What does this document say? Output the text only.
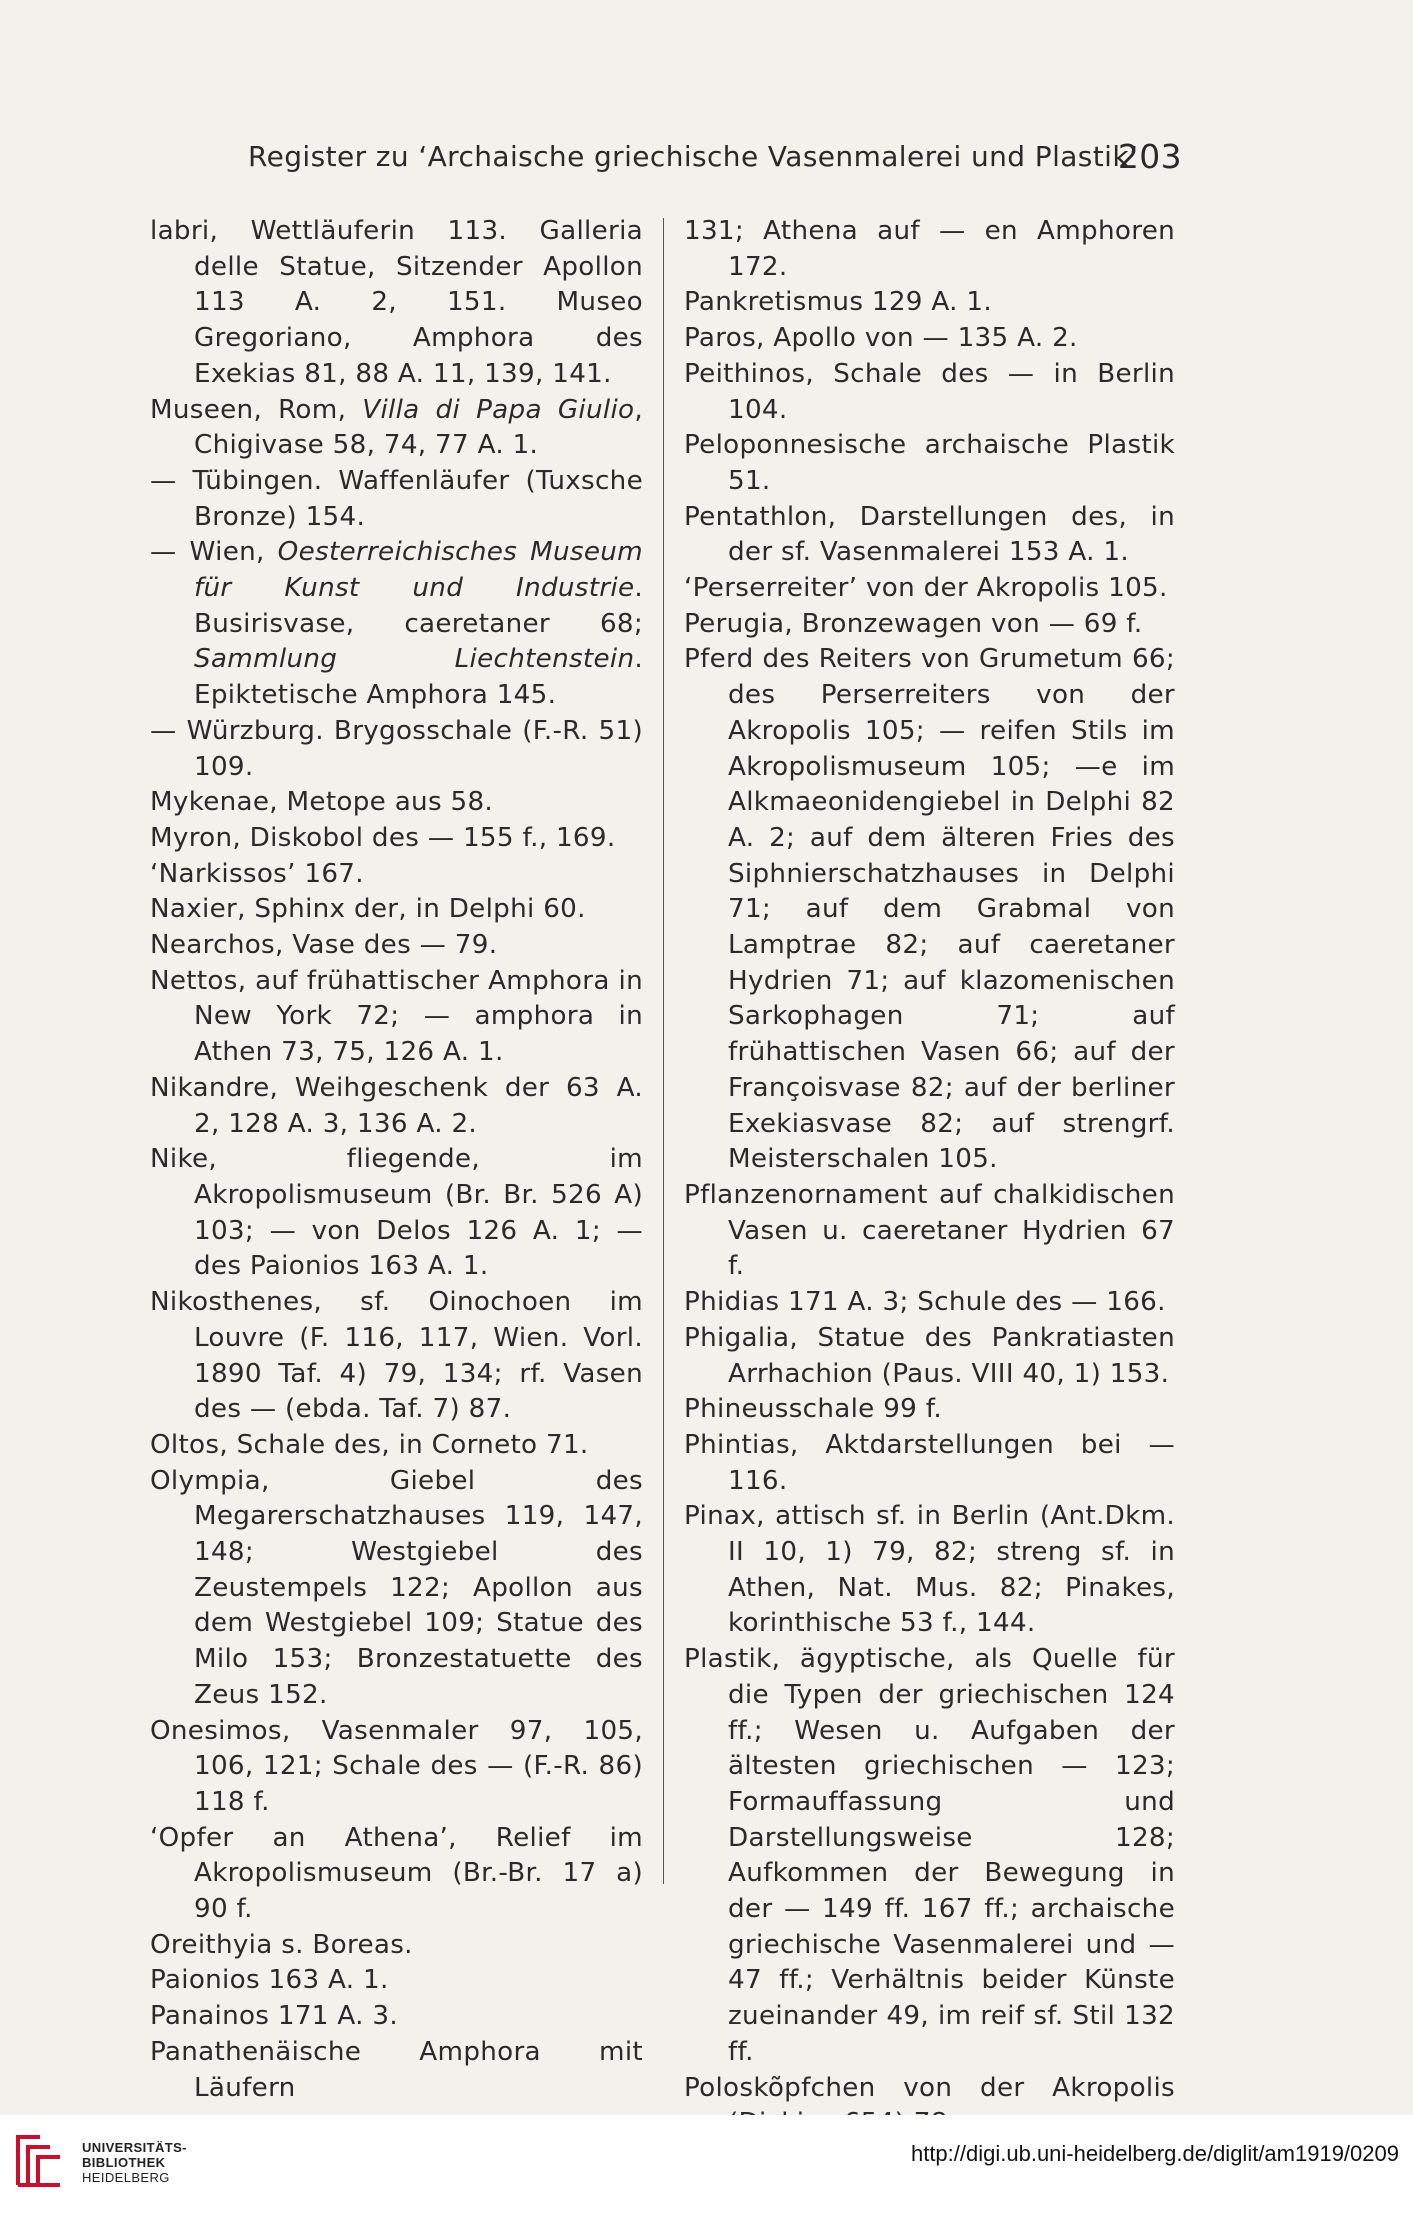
Register zu ‘Archaische griechische Vasenmalerei und Plastik’
203
labri, Wettläuferin 113. Galleria delle Statue, Sitzender Apollon 113 A. 2, 151. Museo Gregoriano, Amphora des Exekias 81, 88 A. 11, 139, 141.
Museen, Rom, Villa di Papa Giulio, Chigivase 58, 74, 77 A. 1.
— Tübingen. Waffenläufer (Tuxsche Bronze) 154.
— Wien, Oesterreichisches Museum für Kunst und Industrie. Busirisvase, caeretaner 68; Sammlung Liechtenstein. Epiktetische Amphora 145.
— Würzburg. Brygosschale (F.-R. 51) 109.
Mykenae, Metope aus 58.
Myron, Diskobol des — 155 f., 169.
‘Narkissos’ 167.
Naxier, Sphinx der, in Delphi 60.
Nearchos, Vase des — 79.
Nettos, auf frühattischer Amphora in New York 72; — amphora in Athen 73, 75, 126 A. 1.
Nikandre, Weihgeschenk der 63 A. 2, 128 A. 3, 136 A. 2.
Nike, fliegende, im Akropolismuseum (Br. Br. 526 A) 103; — von Delos 126 A. 1; — des Paionios 163 A. 1.
Nikosthenes, sf. Oinochoen im Louvre (F. 116, 117, Wien. Vorl. 1890 Taf. 4) 79, 134; rf. Vasen des — (ebda. Taf. 7) 87.
Oltos, Schale des, in Corneto 71.
Olympia, Giebel des Megarerschatzhauses 119, 147, 148; Westgiebel des Zeustempels 122; Apollon aus dem Westgiebel 109; Statue des Milo 153; Bronzestatuette des Zeus 152.
Onesimos, Vasenmaler 97, 105, 106, 121; Schale des — (F.-R. 86) 118 f.
‘Opfer an Athena’, Relief im Akropolismuseum (Br.-Br. 17 a) 90 f.
Oreithyia s. Boreas.
Paionios 163 A. 1.
Panainos 171 A. 3.
Panathenäische Amphora mit Läufern
131; Athena auf — en Amphoren 172.
Pankretismus 129 A. 1.
Paros, Apollo von — 135 A. 2.
Peithinos, Schale des — in Berlin 104.
Peloponnesische archaische Plastik 51.
Pentathlon, Darstellungen des, in der sf. Vasenmalerei 153 A. 1.
‘Perserreiter’ von der Akropolis 105.
Perugia, Bronzewagen von — 69 f.
Pferd des Reiters von Grumetum 66; des Perserreiters von der Akropolis 105; — reifen Stils im Akropolismuseum 105; —e im Alkmaeonidengiebel in Delphi 82 A. 2; auf dem älteren Fries des Siphnierschatzhauses in Delphi 71; auf dem Grabmal von Lamptrae 82; auf caeretaner Hydrien 71; auf klazomenischen Sarkophagen 71; auf frühattischen Vasen 66; auf der Françoisvase 82; auf der berliner Exekiasvase 82; auf strengrf. Meisterschalen 105.
Pflanzenornament auf chalkidischen Vasen u. caeretaner Hydrien 67 f.
Phidias 171 A. 3; Schule des — 166.
Phigalia, Statue des Pankratiasten Arrhachion (Paus. VIII 40, 1) 153.
Phineusschale 99 f.
Phintias, Aktdarstellungen bei — 116.
Pinax, attisch sf. in Berlin (Ant.Dkm. II 10, 1) 79, 82; streng sf. in Athen, Nat. Mus. 82; Pinakes, korinthische 53 f., 144.
Plastik, ägyptische, als Quelle für die Typen der griechischen 124 ff.; Wesen u. Aufgaben der ältesten griechischen — 123; Formauffassung und Darstellungsweise 128; Aufkommen der Bewegung in der — 149 ff. 167 ff.; archaische griechische Vasenmalerei und — 47 ff.; Verhältnis beider Künste zueinander 49, im reif sf. Stil 132 ff.
Poloskõpfchen von der Akropolis
UNIVERSITÄTS-
BIBLIOTHEK
HEIDELBERG
http://digi.ub.uni-heidelberg.de/diglit/am1919/0209
